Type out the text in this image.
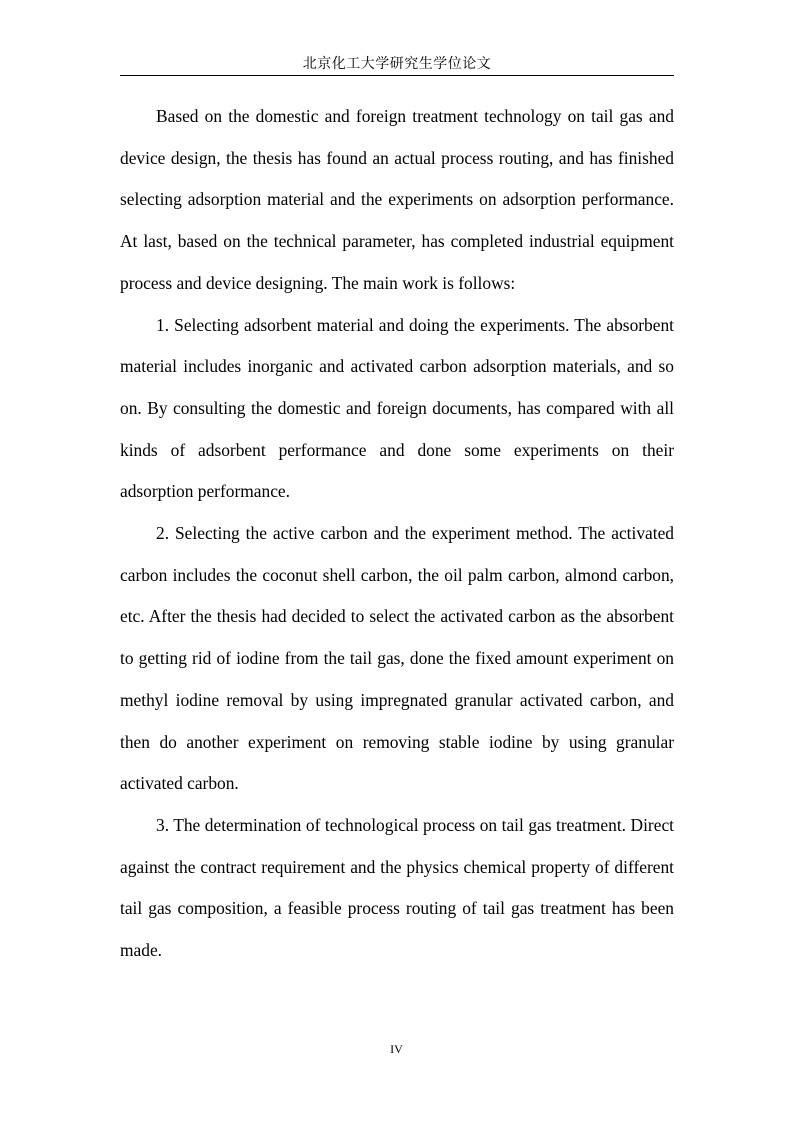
北京化工大学研究生学位论文

Based on the domestic and foreign treatment technology on tail gas and device design, the thesis has found an actual process routing, and has finished selecting adsorption material and the experiments on adsorption performance. At last, based on the technical parameter, has completed industrial equipment process and device designing. The main work is follows:

1. Selecting adsorbent material and doing the experiments. The absorbent material includes inorganic and activated carbon adsorption materials, and so on. By consulting the domestic and foreign documents, has compared with all kinds of adsorbent performance and done some experiments on their adsorption performance.

2. Selecting the active carbon and the experiment method. The activated carbon includes the coconut shell carbon, the oil palm carbon, almond carbon, etc. After the thesis had decided to select the activated carbon as the absorbent to getting rid of iodine from the tail gas, done the fixed amount experiment on methyl iodine removal by using impregnated granular activated carbon, and then do another experiment on removing stable iodine by using granular activated carbon.

3. The determination of technological process on tail gas treatment. Direct against the contract requirement and the physics chemical property of different tail gas composition, a feasible process routing of tail gas treatment has been made.

IV
